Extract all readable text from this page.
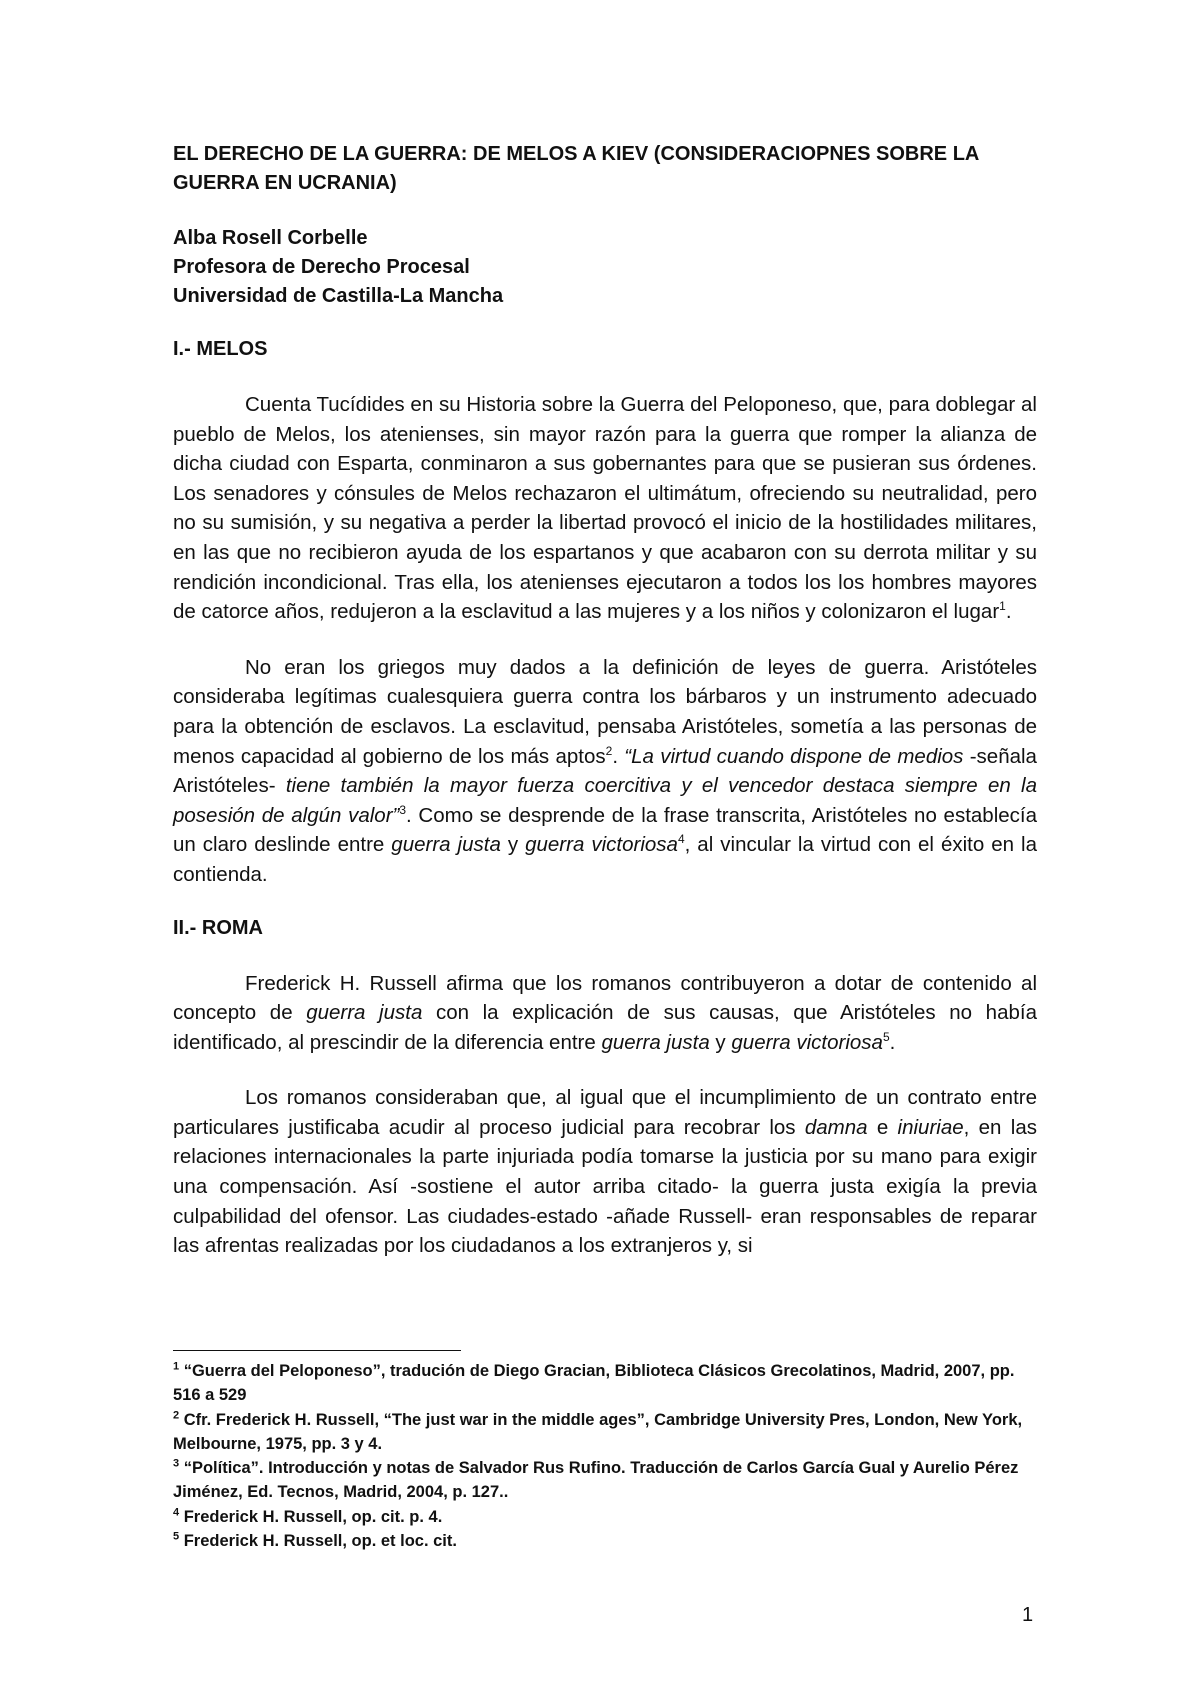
EL DERECHO DE LA GUERRA: DE MELOS A KIEV (CONSIDERACIOPNES SOBRE LA GUERRA EN UCRANIA)

Alba Rosell Corbelle
Profesora de Derecho Procesal
Universidad de Castilla-La Mancha

I.- MELOS

Cuenta Tucídides en su Historia sobre la Guerra del Peloponeso, que, para doblegar al pueblo de Melos, los atenienses, sin mayor razón para la guerra que romper la alianza de dicha ciudad con Esparta, conminaron a sus gobernantes para que se pusieran sus órdenes. Los senadores y cónsules de Melos rechazaron el ultimátum, ofreciendo su neutralidad, pero no su sumisión, y su negativa a perder la libertad provocó el inicio de la hostilidades militares, en las que no recibieron ayuda de los espartanos y que acabaron con su derrota militar y su rendición incondicional. Tras ella, los atenienses ejecutaron a todos los los hombres mayores de catorce años, redujeron a la esclavitud a las mujeres y a los niños y colonizaron el lugar$^1$.

No eran los griegos muy dados a la definición de leyes de guerra. Aristóteles consideraba legítimas cualesquiera guerra contra los bárbaros y un instrumento adecuado para la obtención de esclavos. La esclavitud, pensaba Aristóteles, sometía a las personas de menos capacidad al gobierno de los más aptos$^2$. “La virtud cuando dispone de medios -señala Aristóteles- tiene también la mayor fuerza coercitiva y el vencedor destaca siempre en la posesión de algún valor”$^3$. Como se desprende de la frase transcrita, Aristóteles no establecía un claro deslinde entre guerra justa y guerra victoriosa$^4$, al vincular la virtud con el éxito en la contienda.

II.- ROMA

Frederick H. Russell afirma que los romanos contribuyeron a dotar de contenido al concepto de guerra justa con la explicación de sus causas, que Aristóteles no había identificado, al prescindir de la diferencia entre guerra justa y guerra victoriosa$^5$.

Los romanos consideraban que, al igual que el incumplimiento de un contrato entre particulares justificaba acudir al proceso judicial para recobrar los damna e iniuriae, en las relaciones internacionales la parte injuriada podía tomarse la justicia por su mano para exigir una compensación. Así -sostiene el autor arriba citado- la guerra justa exigía la previa culpabilidad del ofensor. Las ciudades-estado -añade Russell- eran responsables de reparar las afrentas realizadas por los ciudadanos a los extranjeros y, si

$^1$ “Guerra del Peloponeso”, tradución de Diego Gracian, Biblioteca Clásicos Grecolatinos, Madrid, 2007, pp. 516 a 529

$^2$ Cfr. Frederick H. Russell, “The just war in the middle ages”, Cambridge University Pres, London, New York, Melbourne, 1975, pp. 3 y 4.

$^3$ “Política”. Introducción y notas de Salvador Rus Rufino. Traducción de Carlos García Gual y Aurelio Pérez Jiménez, Ed. Tecnos, Madrid, 2004, p. 127..

$^4$ Frederick H. Russell, op. cit. p. 4.

$^5$ Frederick H. Russell, op. et loc. cit.

1
